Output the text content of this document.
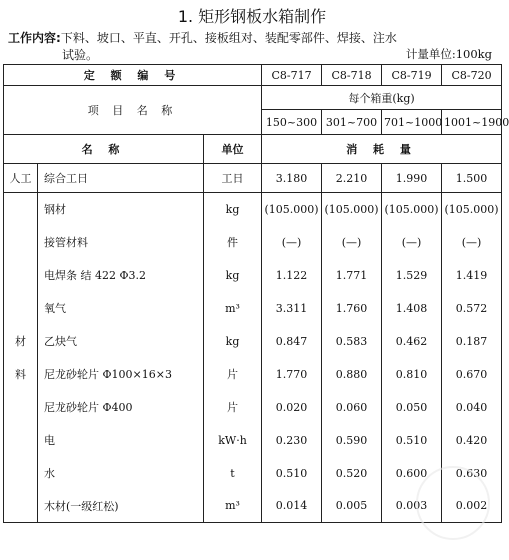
1. 矩形钢板水箱制作
工作内容:下料、坡口、平直、开孔、接板组对、装配零部件、焊接、注水
试验。	计量单位:100kg
定 额 编 号			C8-717	C8-718	C8-719	C8-720
项 目 名 称			每个箱重(kg)			
			150~300	301~700	701~1000	1001~1900
名 称		单位	消 耗 量			
人工	综合工日	工日	3.180	2.210	1.990	1.500
	钢材	kg	(105.000)	(105.000)	(105.000)	(105.000)
	接管材料	件	(—)	(—)	(—)	(—)
	电焊条 结 422 Φ3.2	kg	1.122	1.771	1.529	1.419
	氧气	m³	3.311	1.760	1.408	0.572
材	乙炔气	kg	0.847	0.583	0.462	0.187
料	尼龙砂轮片 Φ100×16×3	片	1.770	0.880	0.810	0.670
	尼龙砂轮片 Φ400	片	0.020	0.060	0.050	0.040
	电	kW·h	0.230	0.590	0.510	0.420
	水	t	0.510	0.520	0.600	0.630
	木材(一级红松)	m³	0.014	0.005	0.003	0.002
